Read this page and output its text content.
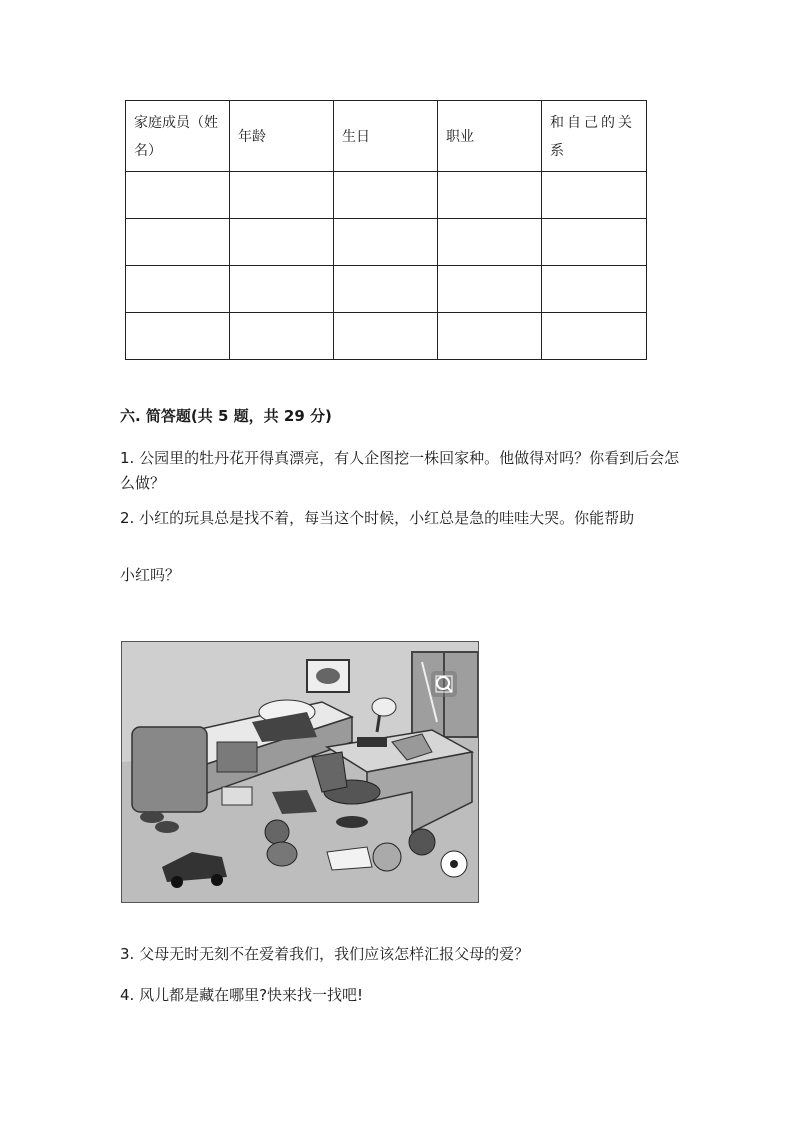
家庭成员（姓名）	年龄	生日	职业	和自己的关系

六. 简答题(共 5 题，共 29 分)
1. 公园里的牡丹花开得真漂亮，有人企图挖一株回家种。他做得对吗？你看到后会怎么做？
2. 小红的玩具总是找不着，每当这个时候，小红总是急的哇哇大哭。你能帮助
小红吗？
3. 父母无时无刻不在爱着我们，我们应该怎样汇报父母的爱？
4. 风儿都是藏在哪里?快来找一找吧!
